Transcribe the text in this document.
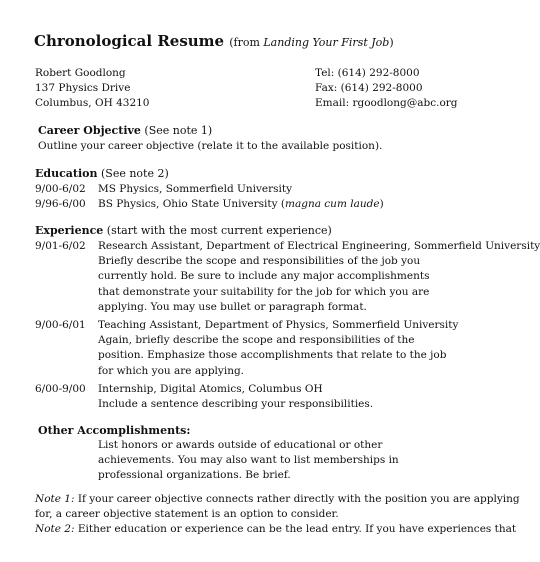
Chronological Resume (from Landing Your First Job)
Robert Goodlong
137 Physics Drive
Columbus, OH 43210
Tel: (614) 292-8000
Fax: (614) 292-8000
Email: rgoodlong@abc.org
Career Objective (See note 1)
Outline your career objective (relate it to the available position).
Education (See note 2)
9/00-6/02 MS Physics, Sommerfield University
9/96-6/00 BS Physics, Ohio State University (magna cum laude)
Experience (start with the most current experience)
9/01-6/02 Research Assistant, Department of Electrical Engineering, Sommerfield University
Briefly describe the scope and responsibilities of the job you
currently hold. Be sure to include any major accomplishments
that demonstrate your suitability for the job for which you are
applying. You may use bullet or paragraph format.
9/00-6/01 Teaching Assistant, Department of Physics, Sommerfield University
Again, briefly describe the scope and responsibilities of the
position. Emphasize those accomplishments that relate to the job
for which you are applying.
6/00-9/00 Internship, Digital Atomics, Columbus OH
Include a sentence describing your responsibilities.
Other Accomplishments:
List honors or awards outside of educational or other
achievements. You may also want to list memberships in
professional organizations. Be brief.
Note 1: If your career objective connects rather directly with the position you are applying
for, a career objective statement is an option to consider.
Note 2: Either education or experience can be the lead entry. If you have experiences that
